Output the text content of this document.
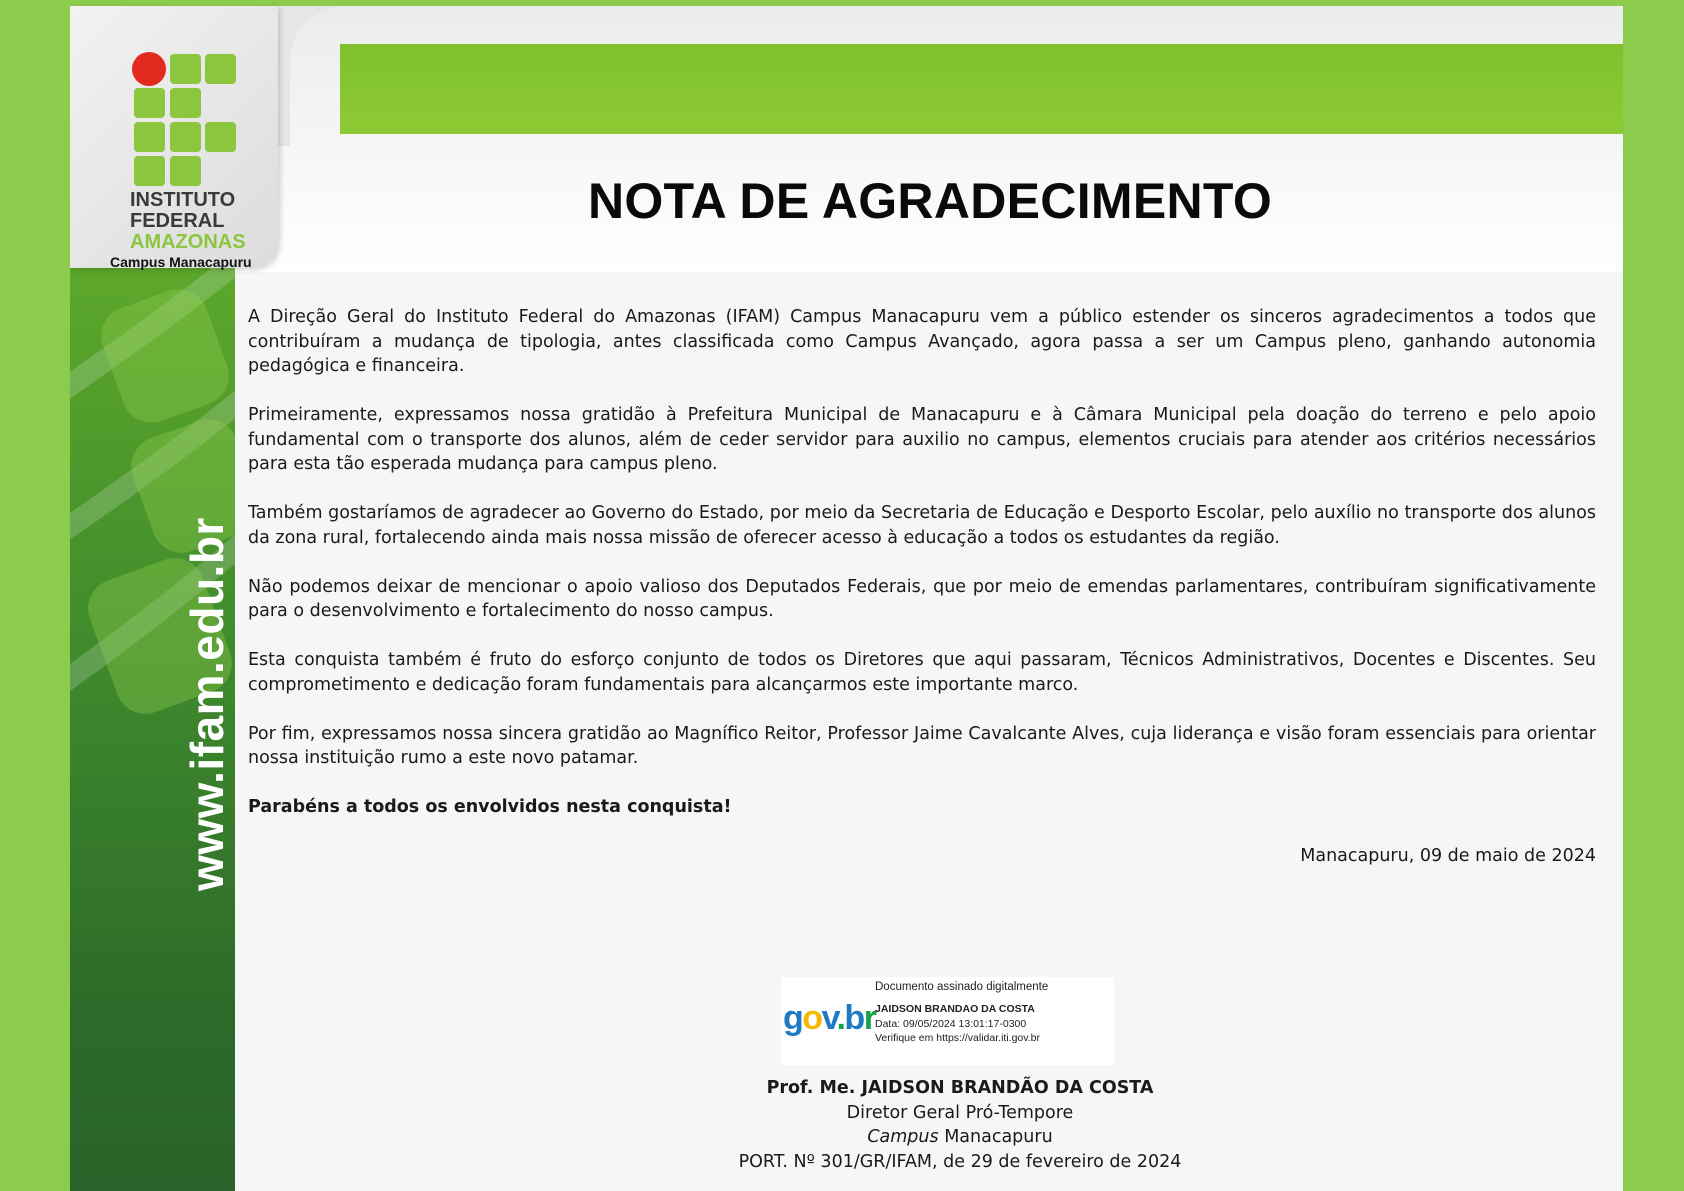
www.ifam.edu.br
INSTITUTO
FEDERAL
AMAZONAS
Campus Manacapuru
NOTA DE AGRADECIMENTO

A Direção Geral do Instituto Federal do Amazonas (IFAM) Campus Manacapuru vem a público estender os sinceros agradecimentos a todos que contribuíram a mudança de tipologia, antes classificada como Campus Avançado, agora passa a ser um Campus pleno, ganhando autonomia pedagógica e financeira.

Primeiramente, expressamos nossa gratidão à Prefeitura Municipal de Manacapuru e à Câmara Municipal pela doação do terreno e pelo apoio fundamental com o transporte dos alunos, além de ceder servidor para auxilio no campus, elementos cruciais para atender aos critérios necessários para esta tão esperada mudança para campus pleno.

Também gostaríamos de agradecer ao Governo do Estado, por meio da Secretaria de Educação e Desporto Escolar, pelo auxílio no transporte dos alunos da zona rural, fortalecendo ainda mais nossa missão de oferecer acesso à educação a todos os estudantes da região.

Não podemos deixar de mencionar o apoio valioso dos Deputados Federais, que por meio de emendas parlamentares, contribuíram significativamente para o desenvolvimento e fortalecimento do nosso campus.

Esta conquista também é fruto do esforço conjunto de todos os Diretores que aqui passaram, Técnicos Administrativos, Docentes e Discentes. Seu comprometimento e dedicação foram fundamentais para alcançarmos este importante marco.

Por fim, expressamos nossa sincera gratidão ao Magnífico Reitor, Professor Jaime Cavalcante Alves, cuja liderança e visão foram essenciais para orientar nossa instituição rumo a este novo patamar.

Parabéns a todos os envolvidos nesta conquista!

Manacapuru, 09 de maio de 2024

gov.br
Documento assinado digitalmente
JAIDSON BRANDAO DA COSTA
Data: 09/05/2024 13:01:17-0300
Verifique em https://validar.iti.gov.br
Prof. Me. JAIDSON BRANDÃO DA COSTA
Diretor Geral Pró-Tempore
Campus Manacapuru
PORT. Nº 301/GR/IFAM, de 29 de fevereiro de 2024
